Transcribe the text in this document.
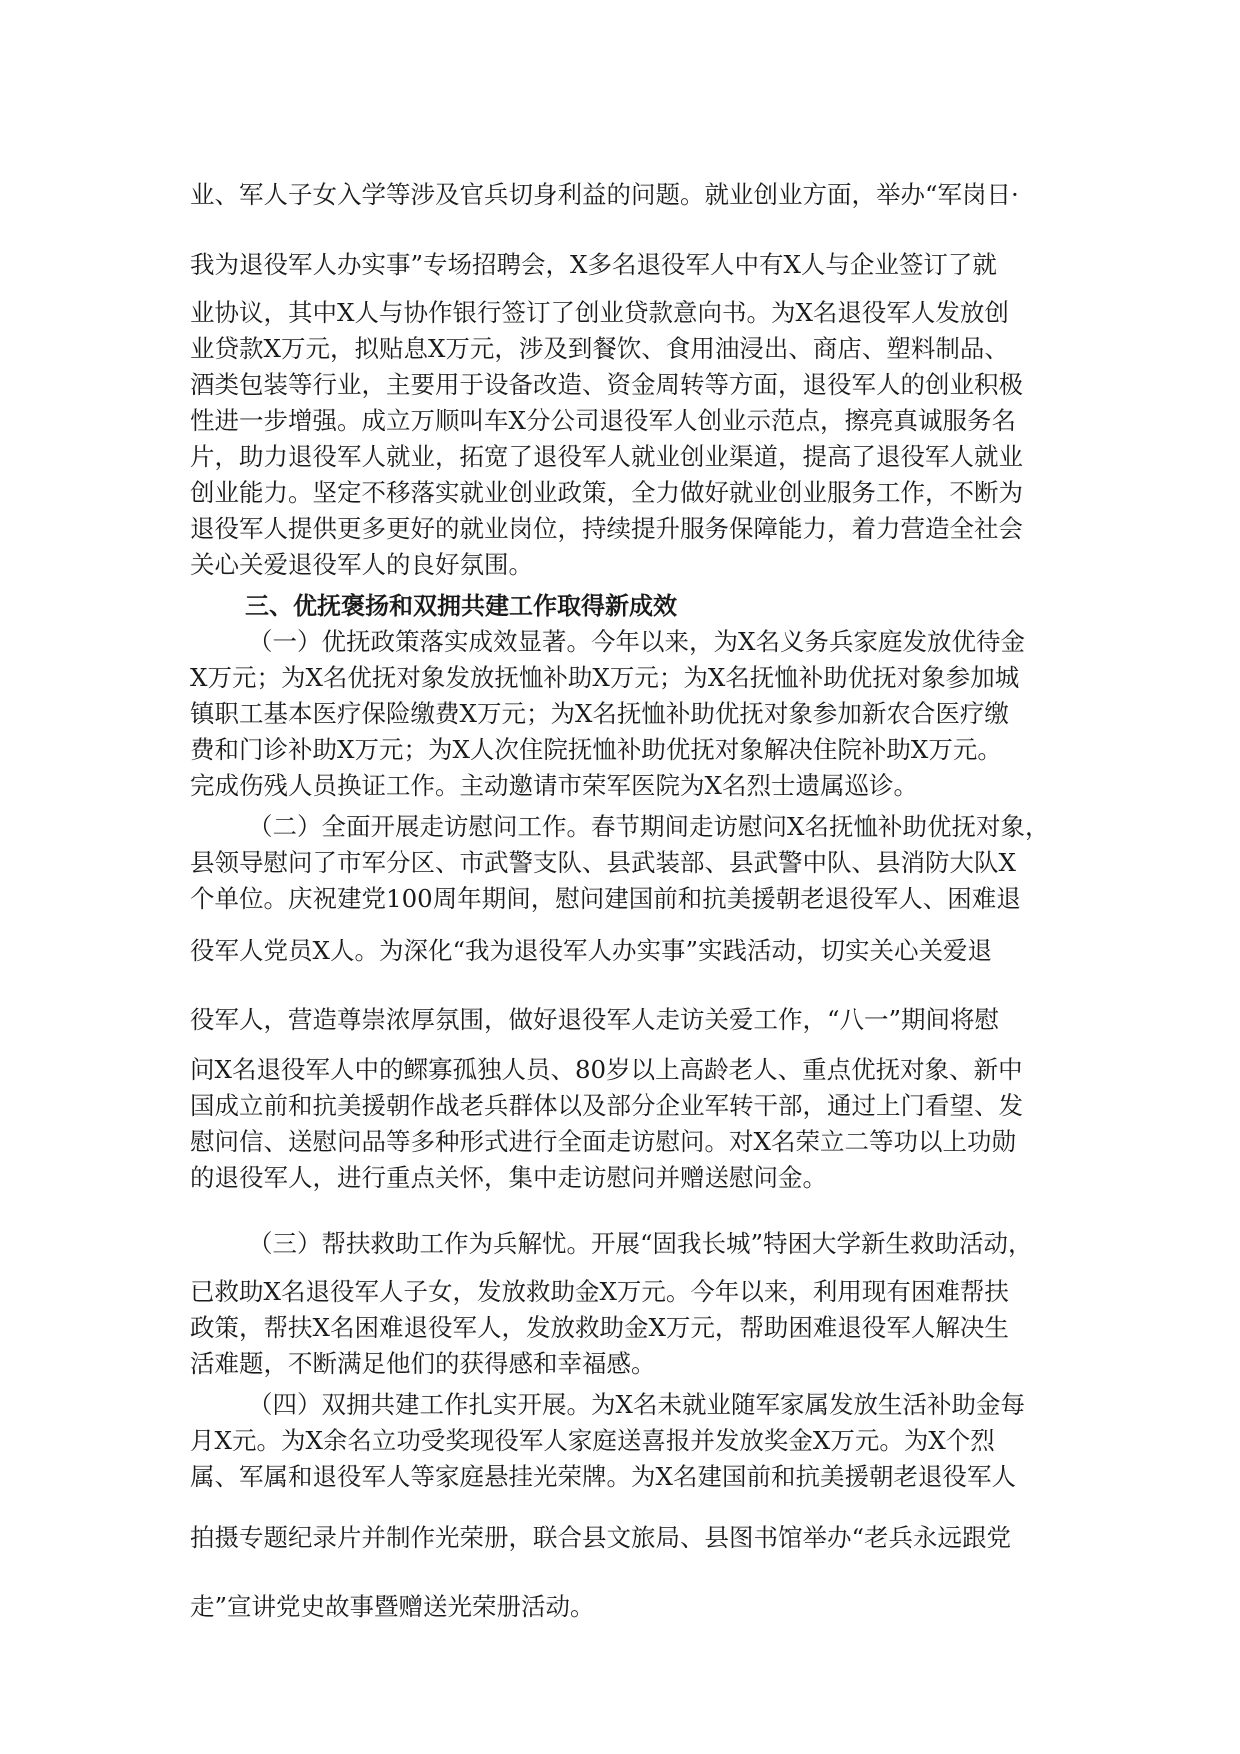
业、军人子女入学等涉及官兵切身利益的问题。就业创业方面，举办“军岗日·
我为退役军人办实事”专场招聘会，X多名退役军人中有X人与企业签订了就
业协议，其中X人与协作银行签订了创业贷款意向书。为X名退役军人发放创
业贷款X万元，拟贴息X万元，涉及到餐饮、食用油浸出、商店、塑料制品、
酒类包装等行业，主要用于设备改造、资金周转等方面，退役军人的创业积极
性进一步增强。成立万顺叫车X分公司退役军人创业示范点，擦亮真诚服务名
片，助力退役军人就业，拓宽了退役军人就业创业渠道，提高了退役军人就业
创业能力。坚定不移落实就业创业政策，全力做好就业创业服务工作，不断为
退役军人提供更多更好的就业岗位，持续提升服务保障能力，着力营造全社会
关心关爱退役军人的良好氛围。
三、优抚褒扬和双拥共建工作取得新成效
（一）优抚政策落实成效显著。今年以来，为X名义务兵家庭发放优待金
X万元；为X名优抚对象发放抚恤补助X万元；为X名抚恤补助优抚对象参加城
镇职工基本医疗保险缴费X万元；为X名抚恤补助优抚对象参加新农合医疗缴
费和门诊补助X万元；为X人次住院抚恤补助优抚对象解决住院补助X万元。
完成伤残人员换证工作。主动邀请市荣军医院为X名烈士遗属巡诊。
（二）全面开展走访慰问工作。春节期间走访慰问X名抚恤补助优抚对象，
县领导慰问了市军分区、市武警支队、县武装部、县武警中队、县消防大队X
个单位。庆祝建党100周年期间，慰问建国前和抗美援朝老退役军人、困难退
役军人党员X人。为深化“我为退役军人办实事”实践活动，切实关心关爱退
役军人，营造尊崇浓厚氛围，做好退役军人走访关爱工作，“八一”期间将慰
问X名退役军人中的鳏寡孤独人员、80岁以上高龄老人、重点优抚对象、新中
国成立前和抗美援朝作战老兵群体以及部分企业军转干部，通过上门看望、发
慰问信、送慰问品等多种形式进行全面走访慰问。对X名荣立二等功以上功勋
的退役军人，进行重点关怀，集中走访慰问并赠送慰问金。
（三）帮扶救助工作为兵解忧。开展“固我长城”特困大学新生救助活动，
已救助X名退役军人子女，发放救助金X万元。今年以来，利用现有困难帮扶
政策，帮扶X名困难退役军人，发放救助金X万元，帮助困难退役军人解决生
活难题，不断满足他们的获得感和幸福感。
（四）双拥共建工作扎实开展。为X名未就业随军家属发放生活补助金每
月X元。为X余名立功受奖现役军人家庭送喜报并发放奖金X万元。为X个烈
属、军属和退役军人等家庭悬挂光荣牌。为X名建国前和抗美援朝老退役军人
拍摄专题纪录片并制作光荣册，联合县文旅局、县图书馆举办“老兵永远跟党
走”宣讲党史故事暨赠送光荣册活动。
